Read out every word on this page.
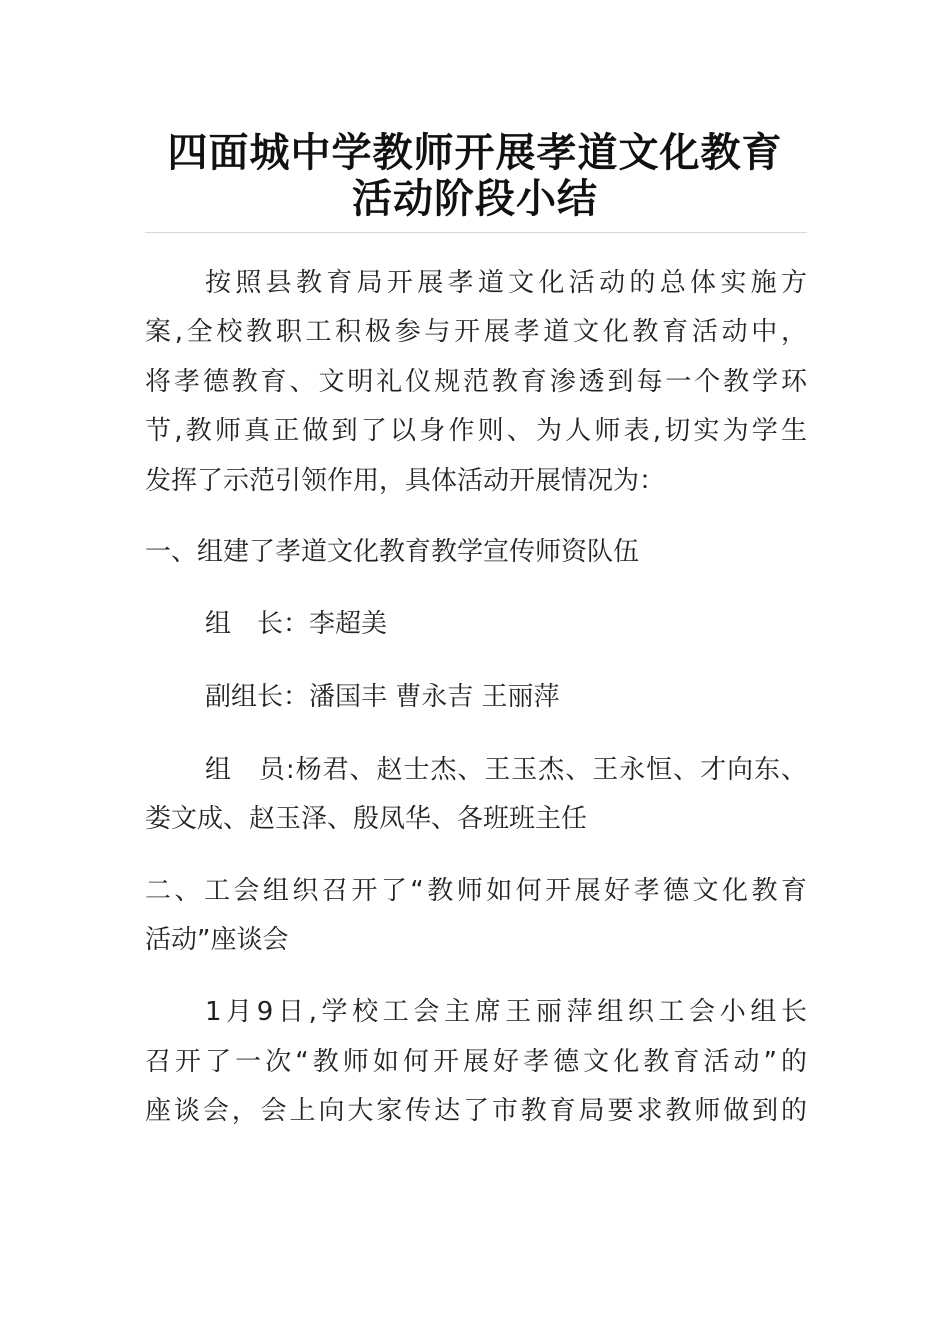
四面城中学教师开展孝道文化教育
活动阶段小结
按照县教育局开展孝道文化活动的总体实施方
案,全校教职工积极参与开展孝道文化教育活动中，
将孝德教育、文明礼仪规范教育渗透到每一个教学环
节,教师真正做到了以身作则、为人师表,切实为学生
发挥了示范引领作用，具体活动开展情况为：
一、组建了孝道文化教育教学宣传师资队伍
组　长：李超美
副组长：潘国丰 曹永吉 王丽萍
组　员:杨君、赵士杰、王玉杰、王永恒、才向东、
娄文成、赵玉泽、殷凤华、各班班主任
二、工会组织召开了“教师如何开展好孝德文化教育
活动”座谈会
1月9日,学校工会主席王丽萍组织工会小组长
召开了一次“教师如何开展好孝德文化教育活动”的
座谈会，会上向大家传达了市教育局要求教师做到的
